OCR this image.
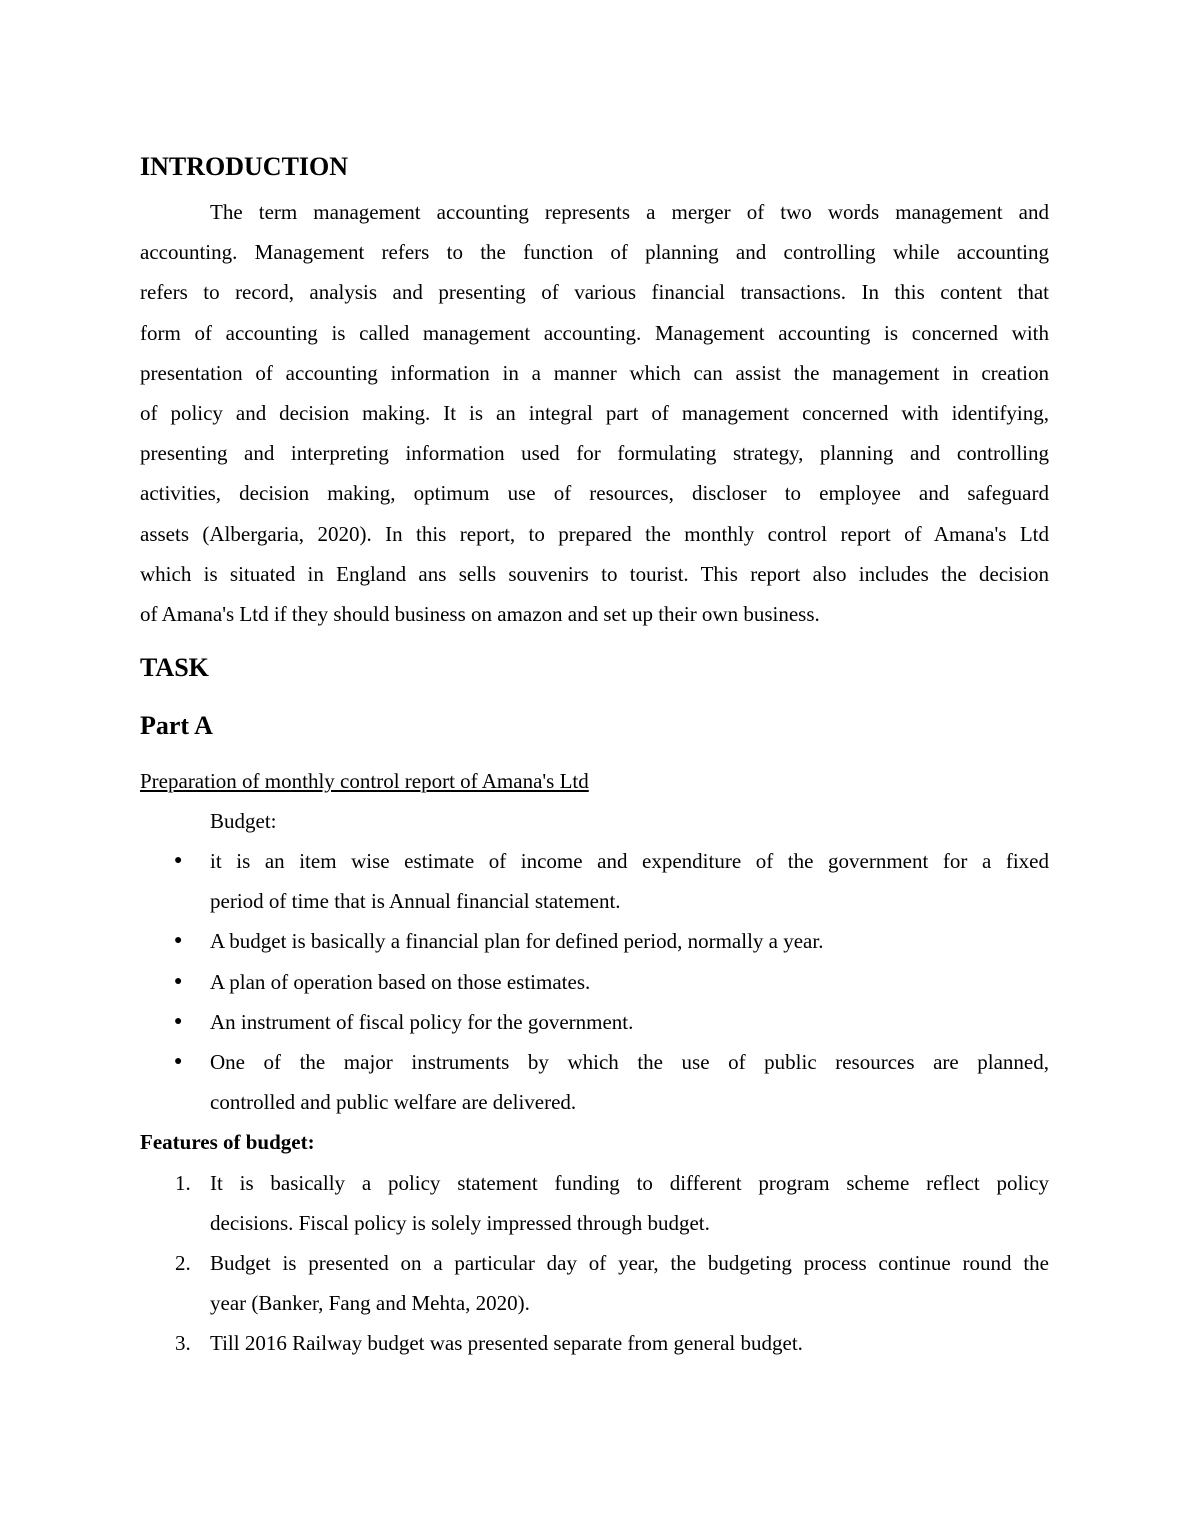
INTRODUCTION
The term management accounting represents a merger of two words management and
accounting. Management refers to the function of planning and controlling while accounting
refers to record, analysis and presenting of various financial transactions. In this content that
form of accounting is called management accounting. Management accounting is concerned with
presentation of accounting information in a manner which can assist the management in creation
of policy and decision making. It is an integral part of management concerned with identifying,
presenting and interpreting information used for formulating strategy, planning and controlling
activities, decision making, optimum use of resources, discloser to employee and safeguard
assets (Albergaria, 2020). In this report, to prepared the monthly control report of Amana's Ltd
which is situated in England ans sells souvenirs to tourist. This report also includes the decision
of Amana's Ltd if they should business on amazon and set up their own business.
TASK
Part A
Preparation of monthly control report of Amana's Ltd
Budget:
● it is an item wise estimate of income and expenditure of the government for a fixed
period of time that is Annual financial statement.
● A budget is basically a financial plan for defined period, normally a year.
● A plan of operation based on those estimates.
● An instrument of fiscal policy for the government.
● One of the major instruments by which the use of public resources are planned,
controlled and public welfare are delivered.
Features of budget:
1. It is basically a policy statement funding to different program scheme reflect policy
decisions. Fiscal policy is solely impressed through budget.
2. Budget is presented on a particular day of year, the budgeting process continue round the
year (Banker, Fang and Mehta, 2020).
3. Till 2016 Railway budget was presented separate from general budget.
